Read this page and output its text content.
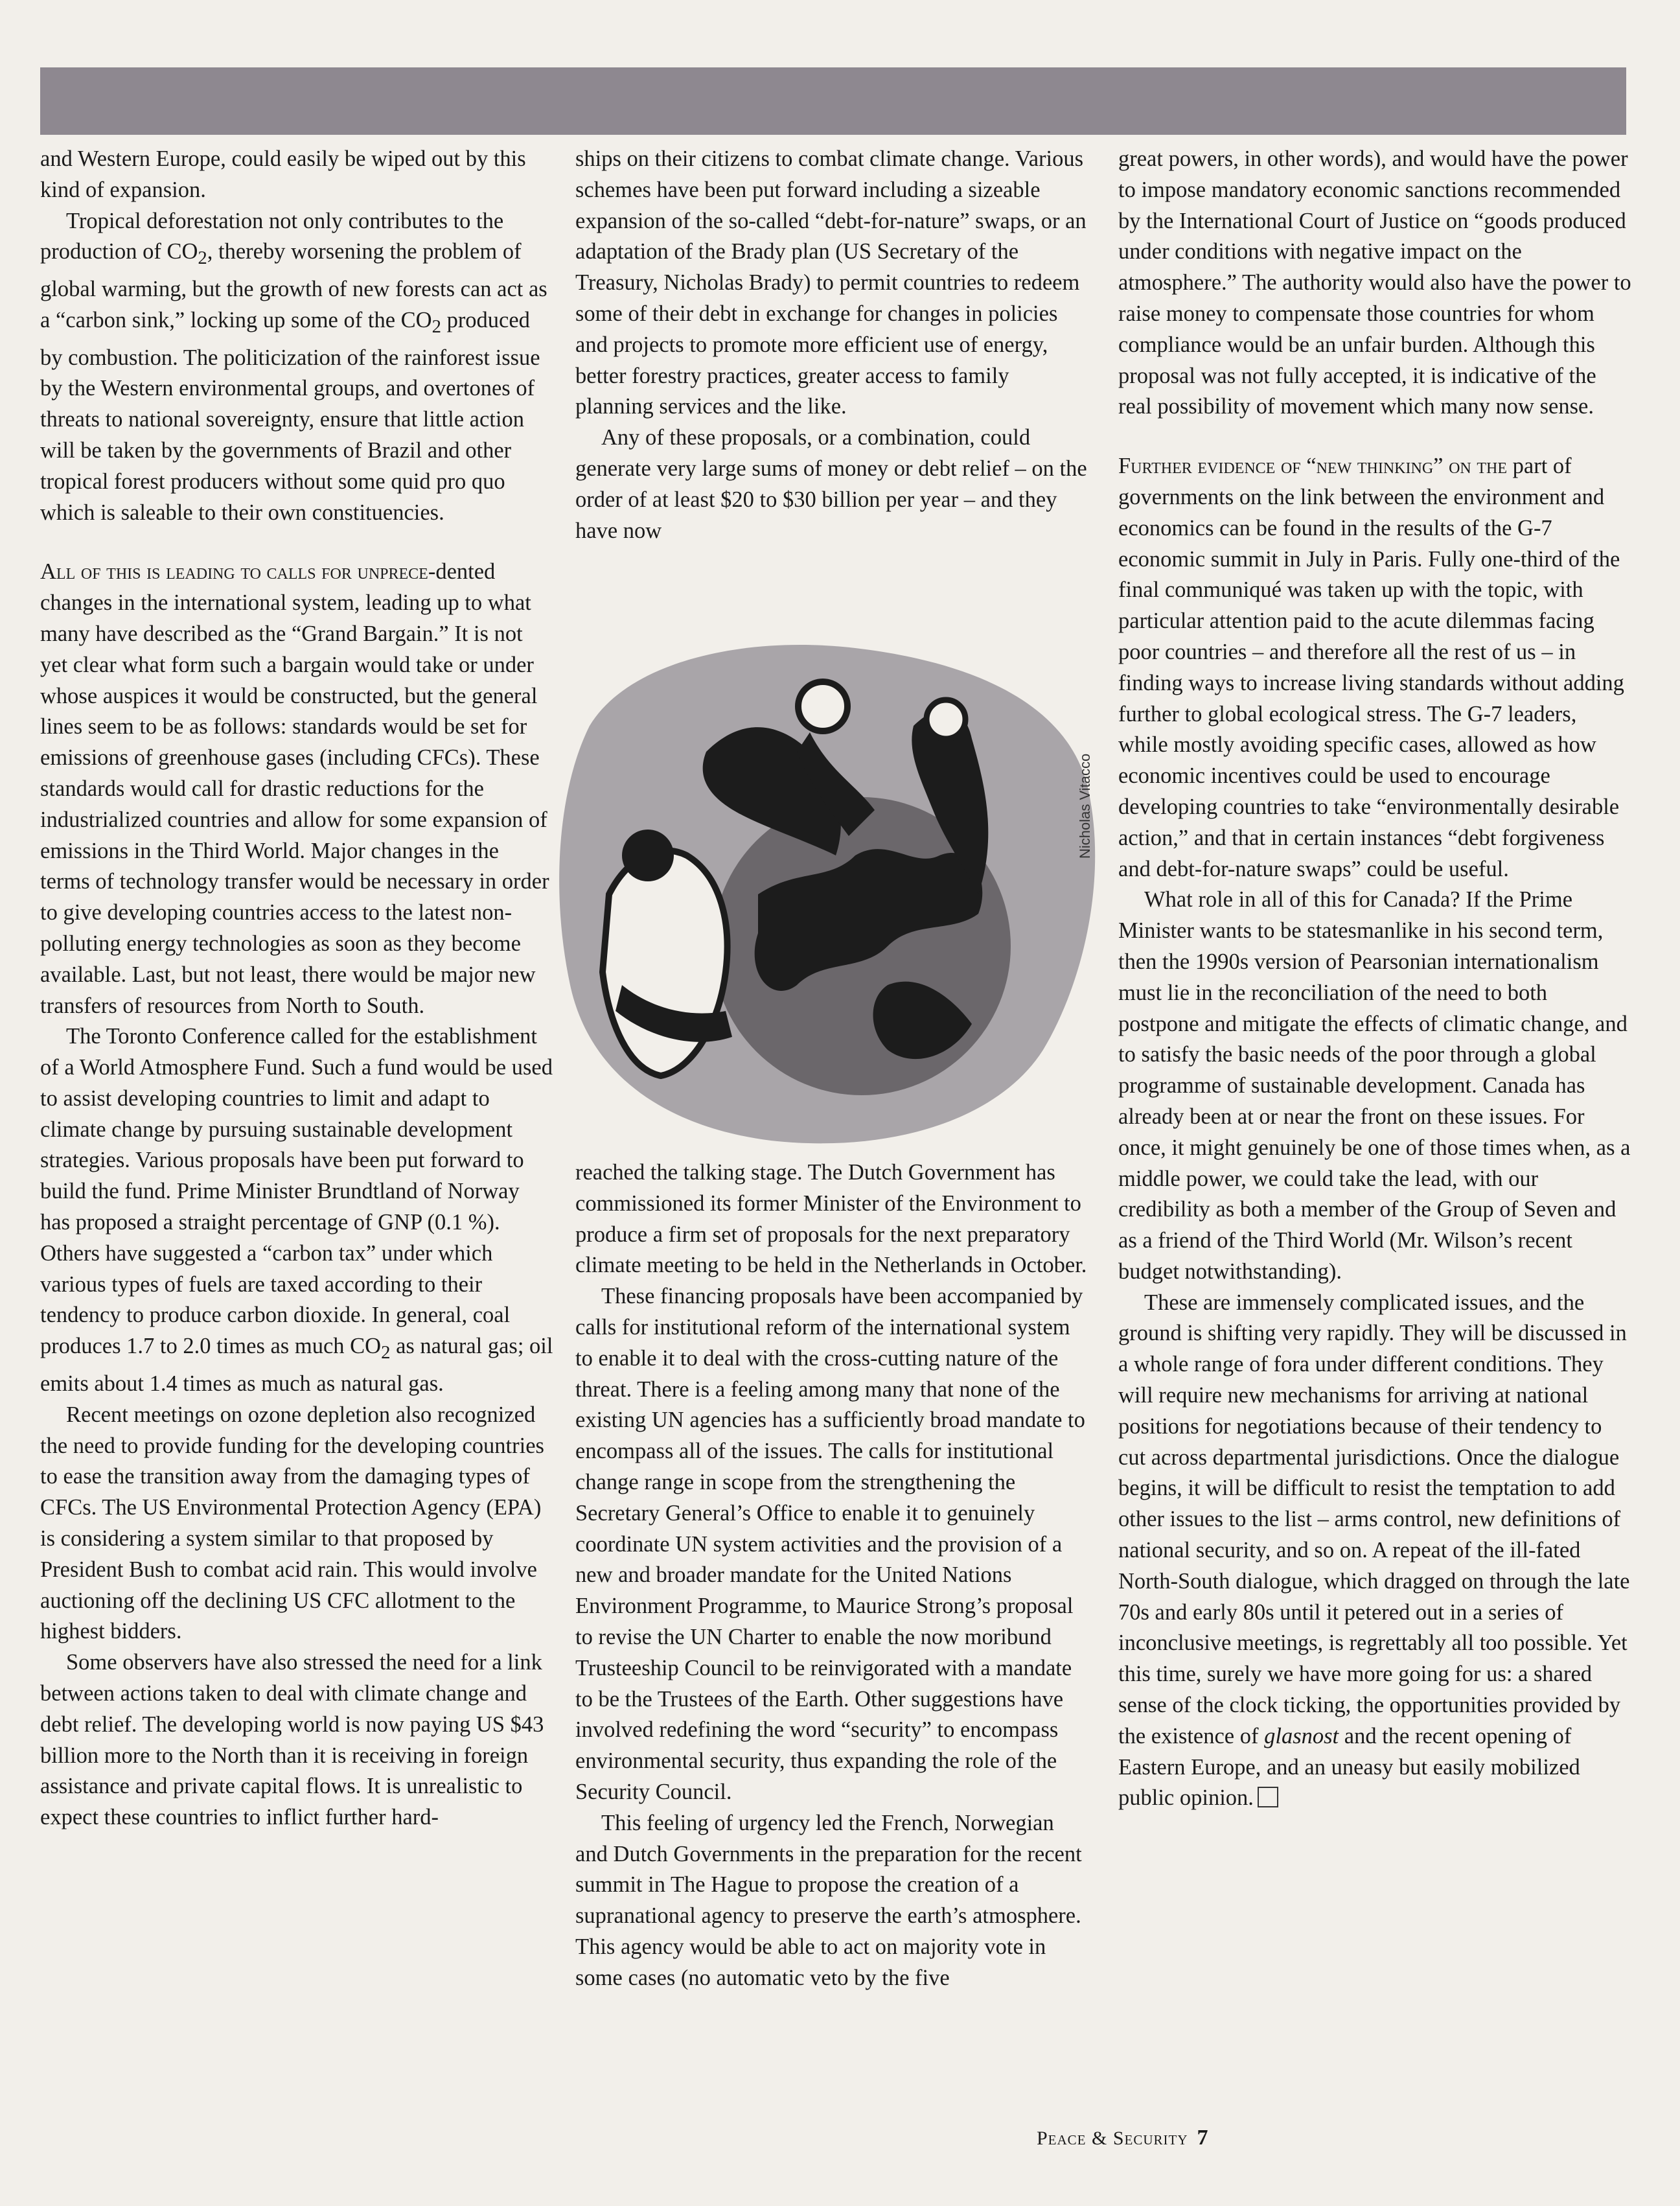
and Western Europe, could easily be wiped out by this kind of expansion.

Tropical deforestation not only contributes to the production of $CO_2$, thereby worsening the problem of global warming, but the growth of new forests can act as a “carbon sink,” locking up some of the $CO_2$ produced by combustion. The politicization of the rainforest issue by the Western environmental groups, and overtones of threats to national sovereignty, ensure that little action will be taken by the governments of Brazil and other tropical forest producers without some quid pro quo which is saleable to their own constituencies.

All of this is leading to calls for unprece-dented changes in the international system, leading up to what many have described as the “Grand Bargain.” It is not yet clear what form such a bargain would take or under whose auspices it would be constructed, but the general lines seem to be as follows: standards would be set for emissions of greenhouse gases (including CFCs). These standards would call for drastic reductions for the industrialized countries and allow for some expansion of emissions in the Third World. Major changes in the terms of technology transfer would be necessary in order to give developing countries access to the latest non-polluting energy technologies as soon as they become available. Last, but not least, there would be major new transfers of resources from North to South.

The Toronto Conference called for the establishment of a World Atmosphere Fund. Such a fund would be used to assist developing countries to limit and adapt to climate change by pursuing sustainable development strategies. Various proposals have been put forward to build the fund. Prime Minister Brundtland of Norway has proposed a straight percentage of GNP (0.1 %). Others have suggested a “carbon tax” under which various types of fuels are taxed according to their tendency to produce carbon dioxide. In general, coal produces 1.7 to 2.0 times as much $CO_2$ as natural gas; oil emits about 1.4 times as much as natural gas.

Recent meetings on ozone depletion also recognized the need to provide funding for the developing countries to ease the transition away from the damaging types of CFCs. The US Environmental Protection Agency (EPA) is considering a system similar to that proposed by President Bush to combat acid rain. This would involve auctioning off the declining US CFC allotment to the highest bidders.

Some observers have also stressed the need for a link between actions taken to deal with climate change and debt relief. The developing world is now paying US $43 billion more to the North than it is receiving in foreign assistance and private capital flows. It is unrealistic to expect these countries to inflict further hard-

ships on their citizens to combat climate change. Various schemes have been put forward including a sizeable expansion of the so-called “debt-for-nature” swaps, or an adaptation of the Brady plan (US Secretary of the Treasury, Nicholas Brady) to permit countries to redeem some of their debt in exchange for changes in policies and projects to promote more efficient use of energy, better forestry practices, greater access to family planning services and the like.

Any of these proposals, or a combination, could generate very large sums of money or debt relief – on the order of at least $20 to $30 billion per year – and they have now

Nicholas Vitacco

reached the talking stage. The Dutch Government has commissioned its former Minister of the Environment to produce a firm set of proposals for the next preparatory climate meeting to be held in the Netherlands in October.

These financing proposals have been accompanied by calls for institutional reform of the international system to enable it to deal with the cross-cutting nature of the threat. There is a feeling among many that none of the existing UN agencies has a sufficiently broad mandate to encompass all of the issues. The calls for institutional change range in scope from the strengthening the Secretary General’s Office to enable it to genuinely coordinate UN system activities and the provision of a new and broader mandate for the United Nations Environment Programme, to Maurice Strong’s proposal to revise the UN Charter to enable the now moribund Trusteeship Council to be reinvigorated with a mandate to be the Trustees of the Earth. Other suggestions have involved redefining the word “security” to encompass environmental security, thus expanding the role of the Security Council.

This feeling of urgency led the French, Norwegian and Dutch Governments in the preparation for the recent summit in The Hague to propose the creation of a supranational agency to preserve the earth’s atmosphere. This agency would be able to act on majority vote in some cases (no automatic veto by the five

great powers, in other words), and would have the power to impose mandatory economic sanctions recommended by the International Court of Justice on “goods produced under conditions with negative impact on the atmosphere.” The authority would also have the power to raise money to compensate those countries for whom compliance would be an unfair burden. Although this proposal was not fully accepted, it is indicative of the real possibility of movement which many now sense.

Further evidence of “new thinking” on the part of governments on the link between the environment and economics can be found in the results of the G-7 economic summit in July in Paris. Fully one-third of the final communiqué was taken up with the topic, with particular attention paid to the acute dilemmas facing poor countries – and therefore all the rest of us – in finding ways to increase living standards without adding further to global ecological stress. The G-7 leaders, while mostly avoiding specific cases, allowed as how economic incentives could be used to encourage developing countries to take “environmentally desirable action,” and that in certain instances “debt forgiveness and debt-for-nature swaps” could be useful.

What role in all of this for Canada? If the Prime Minister wants to be statesmanlike in his second term, then the 1990s version of Pearsonian internationalism must lie in the reconciliation of the need to both postpone and mitigate the effects of climatic change, and to satisfy the basic needs of the poor through a global programme of sustainable development. Canada has already been at or near the front on these issues. For once, it might genuinely be one of those times when, as a middle power, we could take the lead, with our credibility as both a member of the Group of Seven and as a friend of the Third World (Mr. Wilson’s recent budget notwithstanding).

These are immensely complicated issues, and the ground is shifting very rapidly. They will be discussed in a whole range of fora under different conditions. They will require new mechanisms for arriving at national positions for negotiations because of their tendency to cut across departmental jurisdictions. Once the dialogue begins, it will be difficult to resist the temptation to add other issues to the list – arms control, new definitions of national security, and so on. A repeat of the ill-fated North-South dialogue, which dragged on through the late 70s and early 80s until it petered out in a series of inconclusive meetings, is regrettably all too possible. Yet this time, surely we have more going for us: a shared sense of the clock ticking, the opportunities provided by the existence of glasnost and the recent opening of Eastern Europe, and an uneasy but easily mobilized public opinion.

Peace & Security 7
